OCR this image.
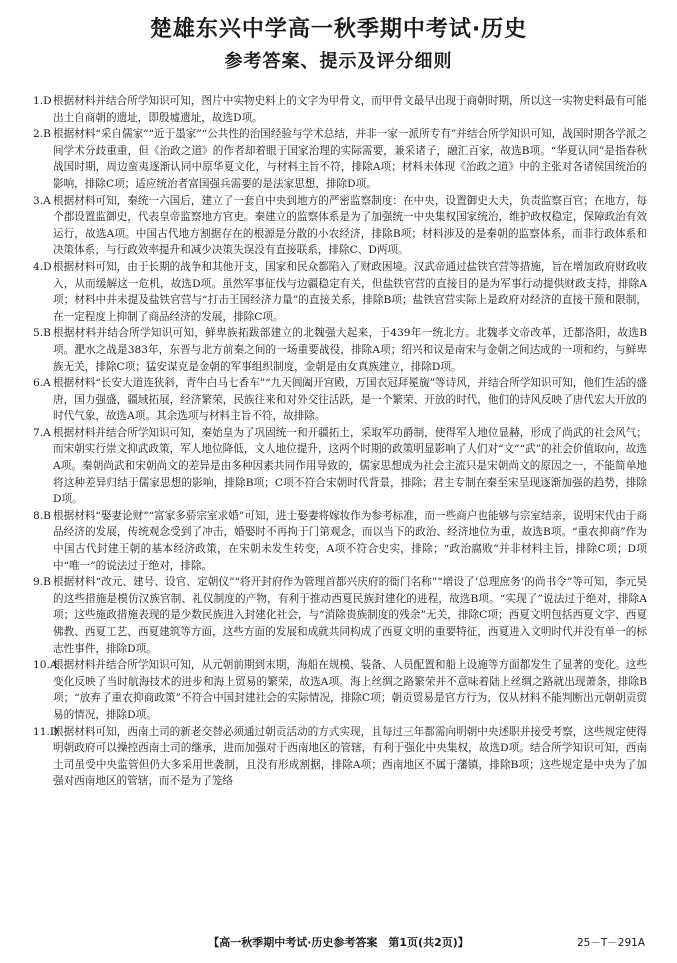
楚雄东兴中学高一秋季期中考试·历史
参考答案、提示及评分细则

1.D 根据材料并结合所学知识可知，图片中实物史料上的文字为甲骨文，而甲骨文最早出现于商朝时期，所以这一实物史料最有可能出土自商朝的遗址，即殷墟遗址，故选D项。

2.B 根据材料“采自儒家”“近于墨家”“公共性的治国经验与学术总结，并非一家一派所专有”并结合所学知识可知，战国时期各学派之间学术分歧重重，但《治政之道》的作者却着眼于国家治理的实际需要，兼采诸子，融汇百家，故选B项。“华夏认同”是指春秋战国时期，周边蛮夷逐渐认同中原华夏文化，与材料主旨不符，排除A项；材料未体现《治政之道》中的主张对各诸侯国统治的影响，排除C项；适应统治者富国强兵需要的是法家思想，排除D项。

3.A 根据材料可知，秦统一六国后，建立了一套自中央到地方的严密监察制度：在中央，设置御史大夫，负责监察百官；在地方，每个郡设置监御史，代表皇帝监察地方官吏。秦建立的监察体系是为了加强统一中央集权国家统治，维护政权稳定，保障政治有效运行，故选A项。中国古代地方割据存在的根源是分散的小农经济，排除B项；材料涉及的是秦朝的监察体系，而非行政体系和决策体系，与行政效率提升和减少决策失误没有直接联系，排除C、D两项。

4.D 根据材料可知，由于长期的战争和其他开支，国家和民众都陷入了财政困境。汉武帝通过盐铁官营等措施，旨在增加政府财政收入，从而缓解这一危机，故选D项。虽然军事征伐与边疆稳定有关，但盐铁官营的直接目的是为军事行动提供财政支持，排除A项；材料中并未提及盐铁官营与“打击王国经济力量”的直接关系，排除B项；盐铁官营实际上是政府对经济的直接干预和限制，在一定程度上抑制了商品经济的发展，排除C项。

5.B 根据材料并结合所学知识可知，鲜卑族拓跋部建立的北魏强大起来，于439年一统北方。北魏孝文帝改革，迁都洛阳，故选B项。淝水之战是383年，东晋与北方前秦之间的一场重要战役，排除A项；绍兴和议是南宋与金朝之间达成的一项和约，与鲜卑族无关，排除C项；猛安谋克是金朝的军事组织制度，金朝是由女真族建立，排除D项。

6.A 根据材料“长安大道连狭斜，青牛白马七香车”“九天阊阖开宫殿，万国衣冠拜冕旒”等诗风，并结合所学知识可知，他们生活的盛唐，国力强盛，疆域拓展，经济繁荣，民族往来和对外交往活跃，是一个繁荣、开放的时代，他们的诗风反映了唐代宏大开放的时代气象，故选A项。其余选项与材料主旨不符，故排除。

7.A 根据材料并结合所学知识可知，秦始皇为了巩固统一和开疆拓土，采取军功爵制，使得军人地位显赫，形成了尚武的社会风气；而宋朝实行崇文抑武政策，军人地位降低，文人地位提升，这两个时期的政策明显影响了人们对“文”“武”的社会价值取向，故选A项。秦朝尚武和宋朝尚文的差异是由多种因素共同作用导致的，儒家思想成为社会主流只是宋朝尚文的原因之一，不能简单地将这种差异归结于儒家思想的影响，排除B项；C项不符合宋朝时代背景，排除；君主专制在秦至宋呈现逐渐加强的趋势，排除D项。

8.B 根据材料“娶妻论财”“富家多骄宗室求婚”可知，进士娶妻将嫁妆作为参考标准，而一些商户也能够与宗室结亲，说明宋代由于商品经济的发展，传统观念受到了冲击，婚娶时不再拘于门第观念，而以当下的政治、经济地位为重，故选B项。“重农抑商”作为中国古代封建王朝的基本经济政策，在宋朝未发生转变，A项不符合史实，排除；“政治腐败”并非材料主旨，排除C项；D项中“唯一”的说法过于绝对，排除。

9.B 根据材料“改元、建号、设官、定朝仪”“将开封府作为管理首都兴庆府的衙门名称”“增设了‘总理庶务’的尚书令”等可知，李元昊的这些措施是模仿汉族官制、礼仪制度的产物，有利于推动西夏民族封建化的进程，故选B项。“实现了”说法过于绝对，排除A项；这些施政措施表现的是少数民族进入封建化社会，与“消除贵族制度的残余”无关，排除C项；西夏文明包括西夏文字、西夏佛教、西夏工艺、西夏建筑等方面，这些方面的发展和成就共同构成了西夏文明的重要特征，西夏进入文明时代并没有单一的标志性事件，排除D项。

10.A
根据材料并结合所学知识可知，从元朝前期到末期，海船在规模、装备、人员配置和船上设施等方面都发生了显著的变化。这些变化反映了当时航海技术的进步和海上贸易的繁荣，故选A项。海上丝绸之路繁荣并不意味着陆上丝绸之路就出现萧条，排除B项；“放弃了重农抑商政策”不符合中国封建社会的实际情况，排除C项；朝贡贸易是官方行为，仅从材料不能判断出元朝朝贡贸易的情况，排除D项。

11.D
根据材料可知，西南土司的新老交替必须通过朝贡活动的方式实现，且每过三年都需向明朝中央述职并接受考察，这些规定使得明朝政府可以操控西南土司的继承，进而加强对于西南地区的管辖，有利于强化中央集权，故选D项。结合所学知识可知，西南土司虽受中央监管但仍大多采用世袭制，且没有形成割据，排除A项；西南地区不属于藩镇，排除B项；这些规定是中央为了加强对西南地区的管辖，而不是为了笼络

【高一秋季期中考试·历史参考答案　第1页(共2页)】	25－T－291A
